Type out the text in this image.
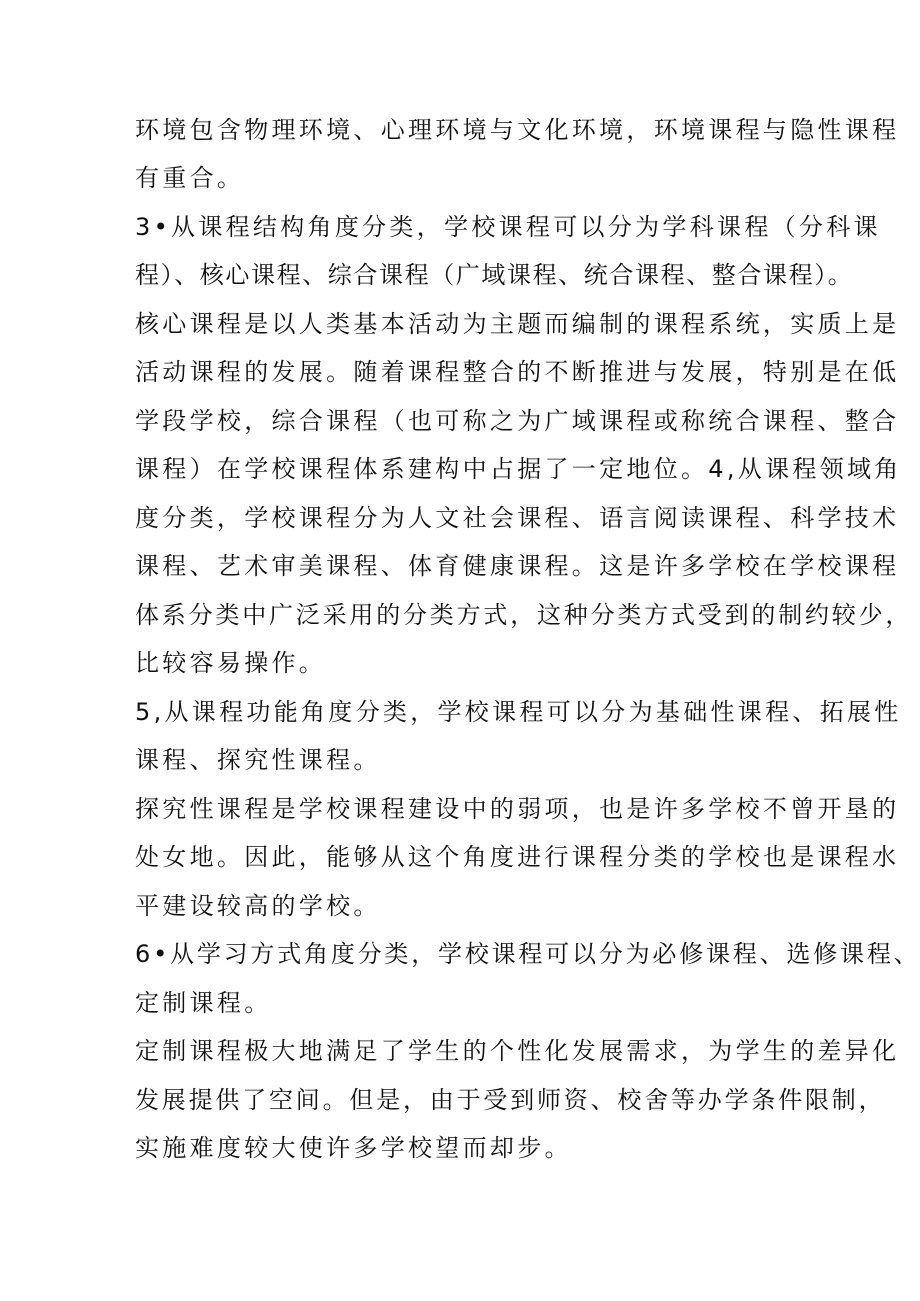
环境包含物理环境、心理环境与文化环境，环境课程与隐性课程
有重合。
3•从课程结构角度分类，学校课程可以分为学科课程（分科课
程）、核心课程、综合课程（广域课程、统合课程、整合课程）。
核心课程是以人类基本活动为主题而编制的课程系统，实质上是
活动课程的发展。随着课程整合的不断推进与发展，特别是在低
学段学校，综合课程（也可称之为广域课程或称统合课程、整合
课程）在学校课程体系建构中占据了一定地位。4,从课程领域角
度分类，学校课程分为人文社会课程、语言阅读课程、科学技术
课程、艺术审美课程、体育健康课程。这是许多学校在学校课程
体系分类中广泛采用的分类方式，这种分类方式受到的制约较少，
比较容易操作。
5,从课程功能角度分类，学校课程可以分为基础性课程、拓展性
课程、探究性课程。
探究性课程是学校课程建设中的弱项，也是许多学校不曾开垦的
处女地。因此，能够从这个角度进行课程分类的学校也是课程水
平建设较高的学校。
6•从学习方式角度分类，学校课程可以分为必修课程、选修课程、
定制课程。
定制课程极大地满足了学生的个性化发展需求，为学生的差异化
发展提供了空间。但是，由于受到师资、校舍等办学条件限制，
实施难度较大使许多学校望而却步。
